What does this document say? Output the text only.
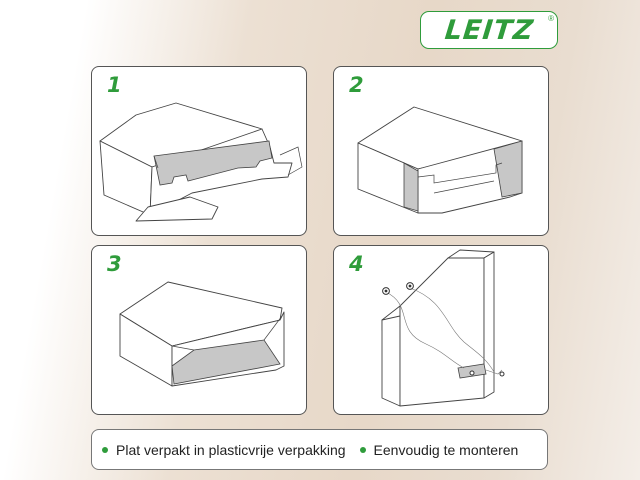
LEITZ ®
1	2
3	4
Plat verpakt in plasticvrije verpakking Eenvoudig te monteren
